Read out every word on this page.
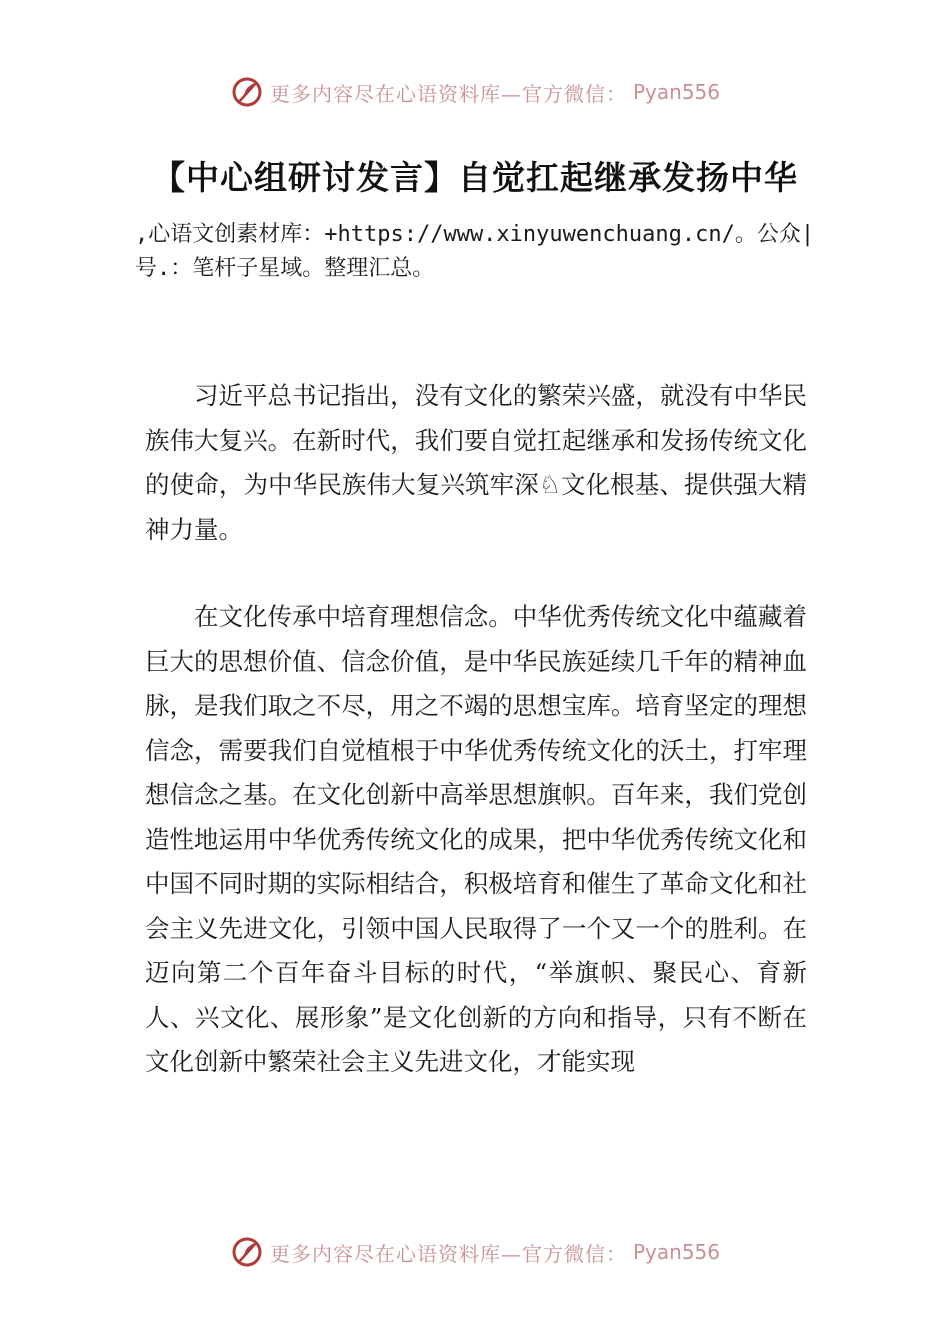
更多内容尽在心语资料库—官方微信： Pyan556
【中心组研讨发言】自觉扛起继承发扬中华
,心语文创素材库：+https://www.xinyuwenchuang.cn/。公众|号.：笔杆子星域。整理汇总。

习近平总书记指出，没有文化的繁荣兴盛，就没有中华民族伟大复兴。在新时代，我们要自觉扛起继承和发扬传统文化的使命，为中华民族伟大复兴筑牢深♘文化根基、提供强大精神力量。

在文化传承中培育理想信念。中华优秀传统文化中蕴藏着巨大的思想价值、信念价值，是中华民族延续几千年的精神血脉，是我们取之不尽，用之不竭的思想宝库。培育坚定的理想信念，需要我们自觉植根于中华优秀传统文化的沃土，打牢理想信念之基。在文化创新中高举思想旗帜。百年来，我们党创造性地运用中华优秀传统文化的成果，把中华优秀传统文化和中国不同时期的实际相结合，积极培育和催生了革命文化和社会主义先进文化，引领中国人民取得了一个又一个的胜利。在迈向第二个百年奋斗目标的时代，“举旗帜、聚民心、育新人、兴文化、展形象”是文化创新的方向和指导，只有不断在文化创新中繁荣社会主义先进文化，才能实现

更多内容尽在心语资料库—官方微信： Pyan556
